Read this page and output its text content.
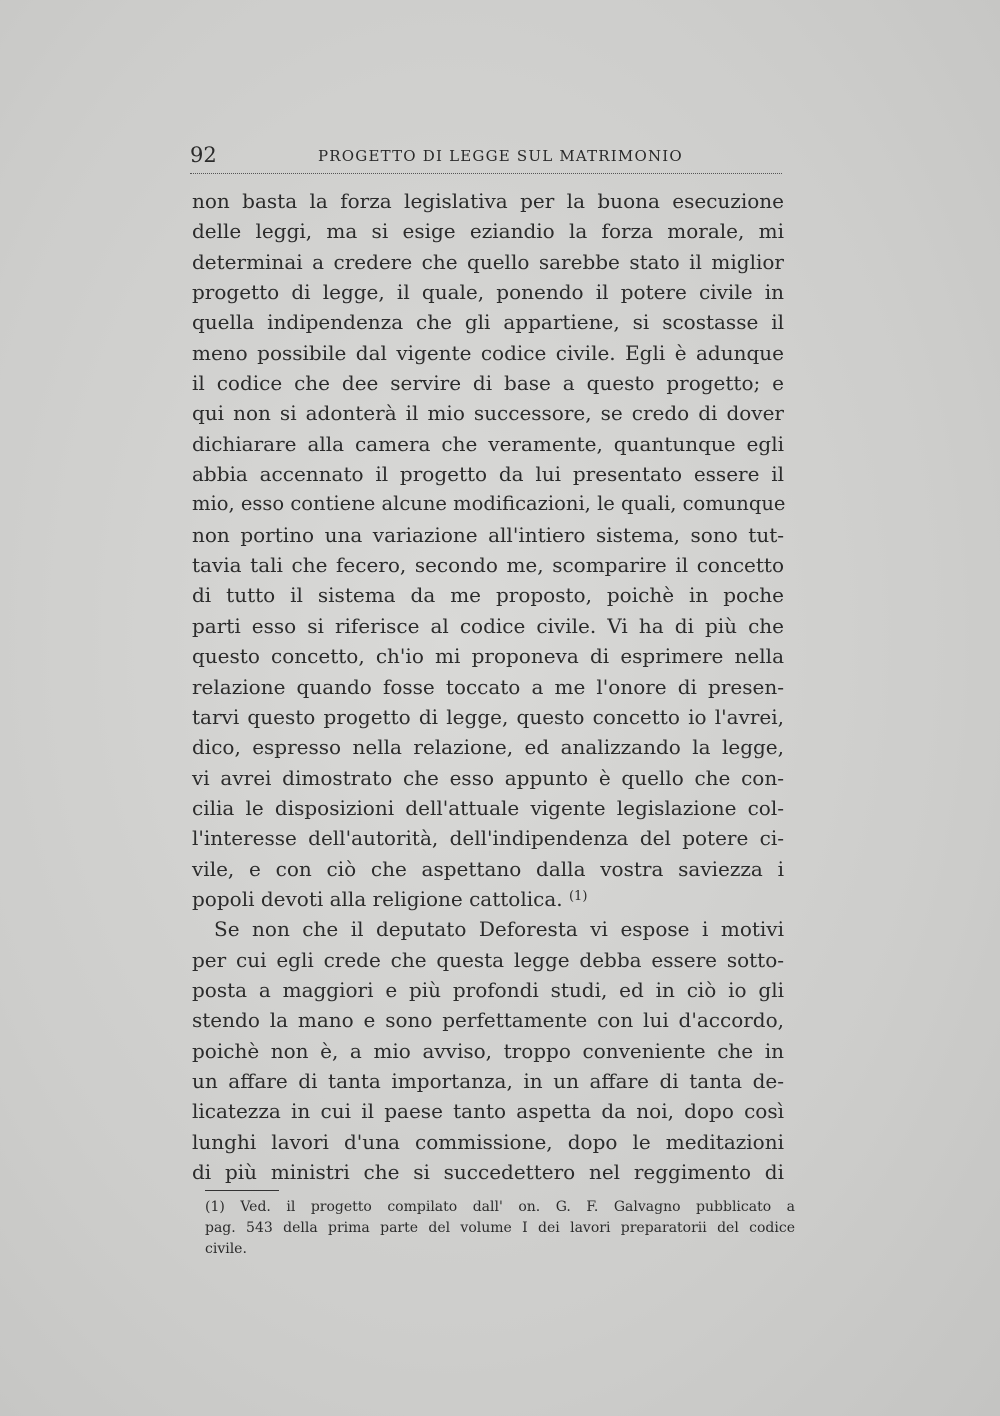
92	PROGETTO DI LEGGE SUL MATRIMONIO
non basta la forza legislativa per la buona esecuzione
delle leggi, ma si esige eziandio la forza morale, mi
determinai a credere che quello sarebbe stato il miglior
progetto di legge, il quale, ponendo il potere civile in
quella indipendenza che gli appartiene, si scostasse il
meno possibile dal vigente codice civile. Egli è adunque
il codice che dee servire di base a questo progetto; e
qui non si adonterà il mio successore, se credo di dover
dichiarare alla camera che veramente, quantunque egli
abbia accennato il progetto da lui presentato essere il
mio, esso contiene alcune modificazioni, le quali, comunque
non portino una variazione all'intiero sistema, sono tut-
tavia tali che fecero, secondo me, scomparire il concetto
di tutto il sistema da me proposto, poichè in poche
parti esso si riferisce al codice civile. Vi ha di più che
questo concetto, ch'io mi proponeva di esprimere nella
relazione quando fosse toccato a me l'onore di presen-
tarvi questo progetto di legge, questo concetto io l'avrei,
dico, espresso nella relazione, ed analizzando la legge,
vi avrei dimostrato che esso appunto è quello che con-
cilia le disposizioni dell'attuale vigente legislazione col-
l'interesse dell'autorità, dell'indipendenza del potere ci-
vile, e con ciò che aspettano dalla vostra saviezza i
popoli devoti alla religione cattolica. $^{(1)}$
Se non che il deputato Deforesta vi espose i motivi
per cui egli crede che questa legge debba essere sotto-
posta a maggiori e più profondi studi, ed in ciò io gli
stendo la mano e sono perfettamente con lui d'accordo,
poichè non è, a mio avviso, troppo conveniente che in
un affare di tanta importanza, in un affare di tanta de-
licatezza in cui il paese tanto aspetta da noi, dopo così
lunghi lavori d'una commissione, dopo le meditazioni
di più ministri che si succedettero nel reggimento di
(1) Ved. il progetto compilato dall' on. G. F. Galvagno pubblicato a
pag. 543 della prima parte del volume I dei lavori preparatorii del codice
civile.
